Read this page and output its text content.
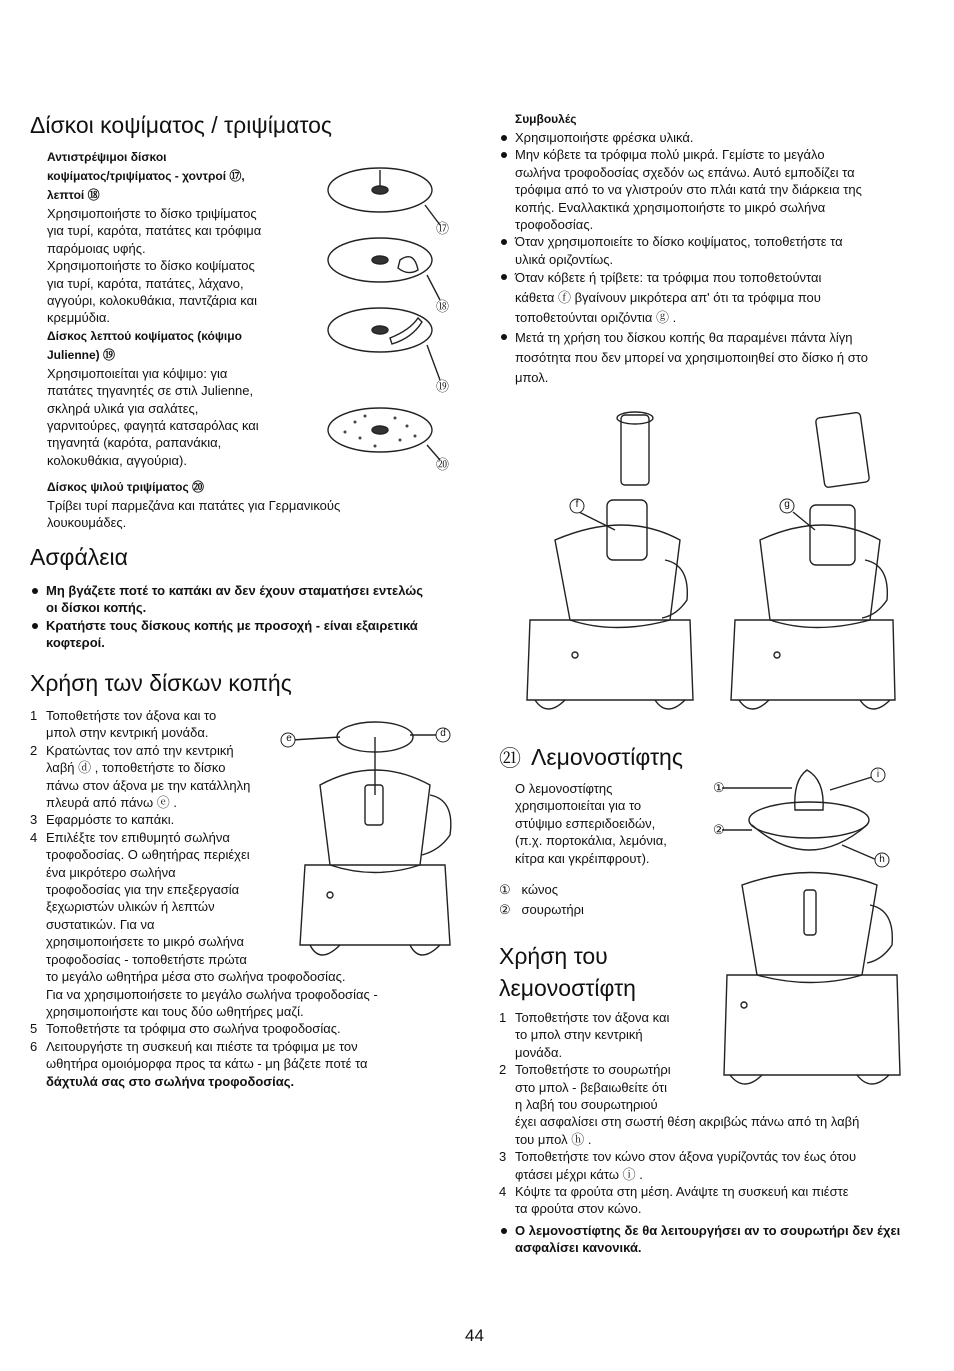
Δίσκοι κοψίματος / τριψίματος
Αντιστρέψιμοι δίσκοι
κοψίματος/τριψίματος - χοντροί ⑰,
λεπτοί ⑱

Χρησιμοποιήστε το δίσκο τριψίματος

για τυρί, καρότα, πατάτες και τρόφιμα

παρόμοιας υφής.

Χρησιμοποιήστε το δίσκο κοψίματος

για τυρί, καρότα, πατάτες, λάχανο,

αγγούρι, κολοκυθάκια, παντζάρια και

κρεμμύδια.

Δίσκος λεπτού κοψίματος (κόψιμο
Julienne) ⑲

Χρησιμοποιείται για κόψιμο: για

πατάτες τηγανητές σε στιλ Julienne,

σκληρά υλικά για σαλάτες,

γαρνιτούρες, φαγητά κατσαρόλας και

τηγανητά (καρότα, ραπανάκια,

κολοκυθάκια, αγγούρια).

Δίσκος ψιλού τριψίματος ⑳

Τρίβει τυρί παρμεζάνα και πατάτες για Γερμανικούς

λουκουμάδες.

⑰
⑱
⑲
⑳
Ασφάλεια
Μη βγάζετε ποτέ το καπάκι αν δεν έχουν σταματήσει εντελώς
οι δίσκοι κοπής.
Κρατήστε τους δίσκους κοπής με προσοχή - είναι εξαιρετικά
κοφτεροί.
Χρήση των δίσκων κοπής
1 Τοποθετήστε τον άξονα και το
μπολ στην κεντρική μονάδα.
2 Κρατώντας τον από την κεντρική
λαβή ⓓ , τοποθετήστε το δίσκο
πάνω στον άξονα με την κατάλληλη
πλευρά από πάνω ⓔ .
3 Εφαρμόστε το καπάκι.
4 Επιλέξτε τον επιθυμητό σωλήνα
τροφοδοσίας. Ο ωθητήρας περιέχει
ένα μικρότερο σωλήνα
τροφοδοσίας για την επεξεργασία
ξεχωριστών υλικών ή λεπτών
συστατικών. Για να
χρησιμοποιήσετε το μικρό σωλήνα
τροφοδοσίας - τοποθετήστε πρώτα
το μεγάλο ωθητήρα μέσα στο σωλήνα τροφοδοσίας.
Για να χρησιμοποιήσετε το μεγάλο σωλήνα τροφοδοσίας -
χρησιμοποιήστε και τους δύο ωθητήρες μαζί.
5 Τοποθετήστε τα τρόφιμα στο σωλήνα τροφοδοσίας.
6 Λειτουργήστε τη συσκευή και πιέστε τα τρόφιμα με τον
ωθητήρα ομοιόμορφα προς τα κάτω - μη βάζετε ποτέ τα
δάχτυλά σας στο σωλήνα τροφοδοσίας.
e	d
Συμβουλές
Χρησιμοποιήστε φρέσκα υλικά.
Μην κόβετε τα τρόφιμα πολύ μικρά. Γεμίστε το μεγάλο
σωλήνα τροφοδοσίας σχεδόν ως επάνω. Αυτό εμποδίζει τα
τρόφιμα από το να γλιστρούν στο πλάι κατά την διάρκεια της
κοπής. Εναλλακτικά χρησιμοποιήστε το μικρό σωλήνα
τροφοδοσίας.
Όταν χρησιμοποιείτε το δίσκο κοψίματος, τοποθετήστε τα
υλικά οριζοντίως.
Όταν κόβετε ή τρίβετε: τα τρόφιμα που τοποθετούνται
κάθετα ⓕ βγαίνουν μικρότερα απ' ότι τα τρόφιμα που
τοποθετούνται οριζόντια ⓖ .
Μετά τη χρήση του δίσκου κοπής θα παραμένει πάντα λίγη
ποσότητα που δεν μπορεί να χρησιμοποιηθεί στο δίσκο ή στο
μπολ.
f	g
㉑ Λεμονοστίφτης

Ο λεμονοστίφτης

χρησιμοποιείται για το

στύψιμο εσπεριδοειδών,

(π.χ. πορτοκάλια, λεμόνια,

κίτρα και γκρέιπφρουτ).

① κώνος
② σουρωτήρι
①
②
i
h
Χρήση του
λεμονοστίφτη
1 Τοποθετήστε τον άξονα και
το μπολ στην κεντρική
μονάδα.
2 Τοποθετήστε το σουρωτήρι
στο μπολ - βεβαιωθείτε ότι
η λαβή του σουρωτηριού
έχει ασφαλίσει στη σωστή θέση ακριβώς πάνω από τη λαβή
του μπολ ⓗ .
3 Τοποθετήστε τον κώνο στον άξονα γυρίζοντάς τον έως ότου
φτάσει μέχρι κάτω ⓘ .
4 Κόψτε τα φρούτα στη μέση. Ανάψτε τη συσκευή και πιέστε
τα φρούτα στον κώνο.
Ο λεμονοστίφτης δε θα λειτουργήσει αν το σουρωτήρι δεν έχει
ασφαλίσει κανονικά.
44
